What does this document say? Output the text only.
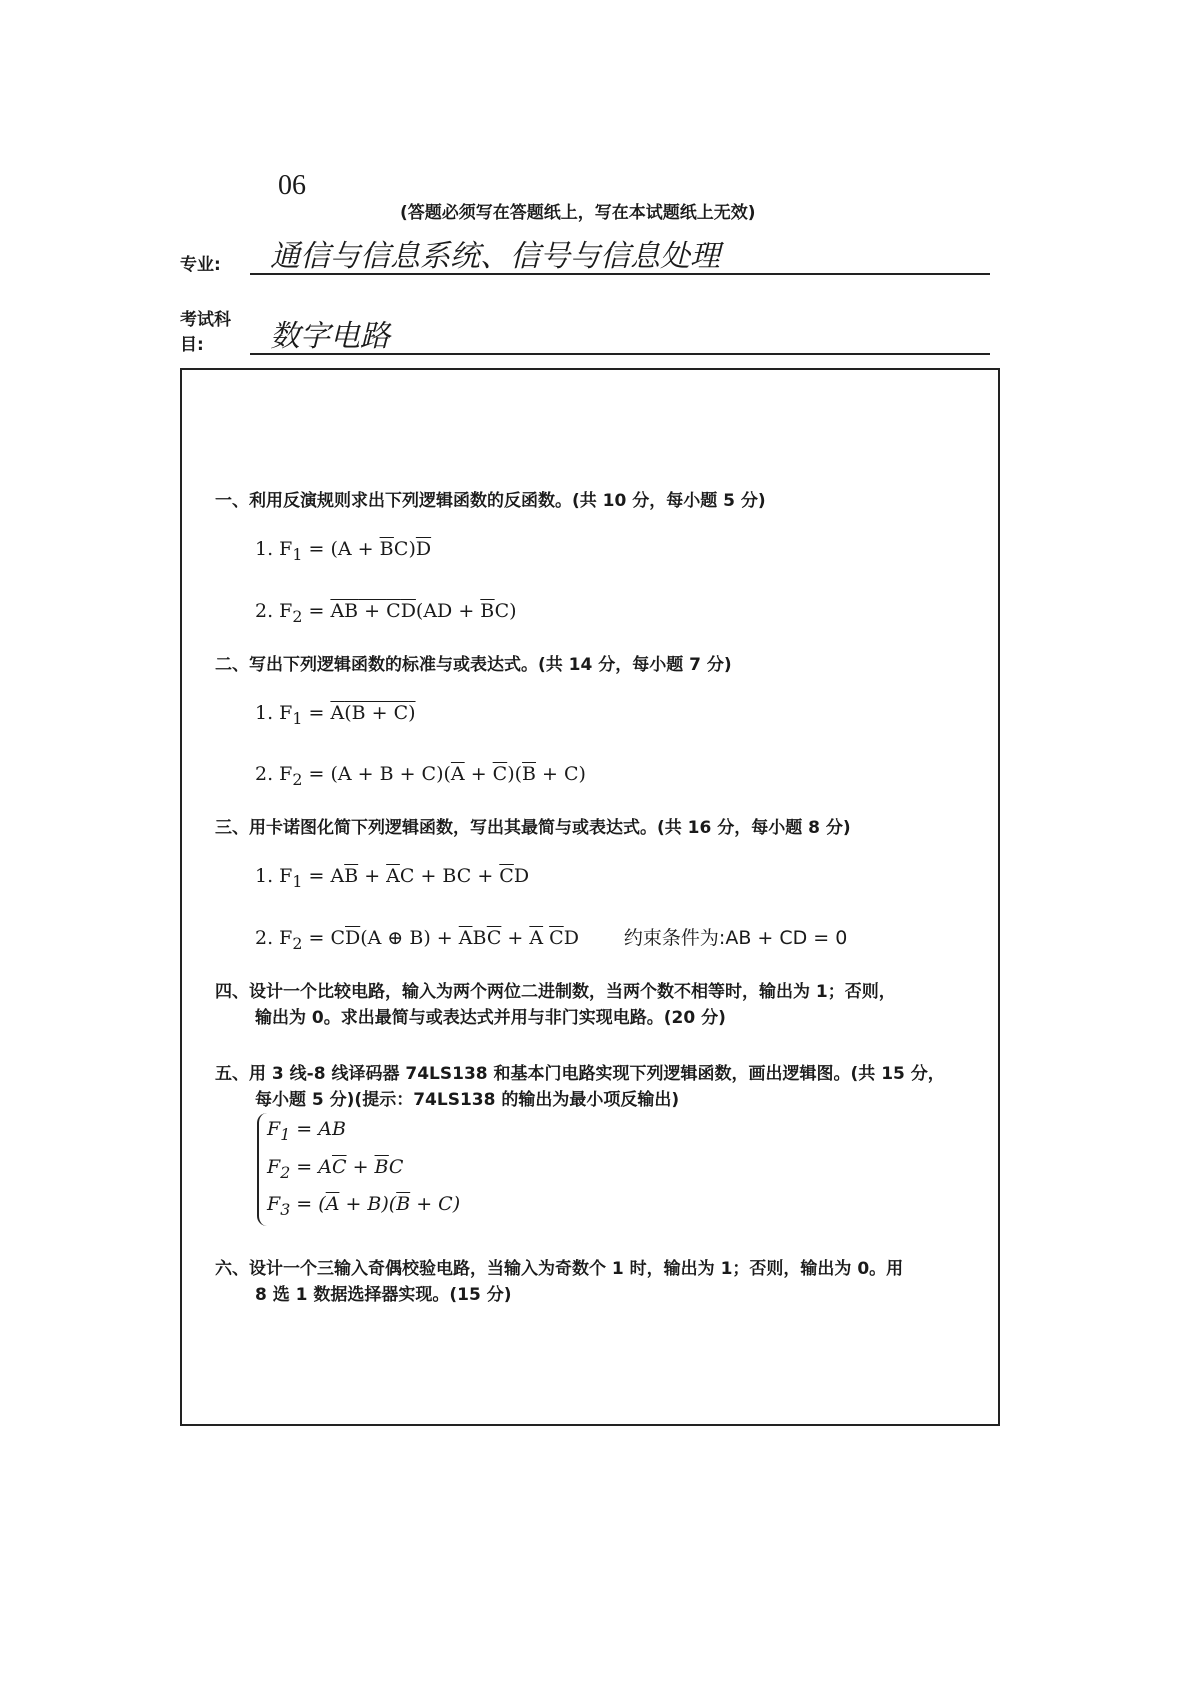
06
(答题必须写在答题纸上，写在本试题纸上无效)
专业:	通信与信息系统、信号与信息处理
考试科目:	数字电路
一、利用反演规则求出下列逻辑函数的反函数。(共 10 分，每小题 5 分)
1. $F_1 = (A + \overline{B}C)\overline{D}$
2. $F_2$ = AB + $CD(AD + \overline{B}C)$
二、写出下列逻辑函数的标准与或表达式。(共 14 分，每小题 7 分)
1. $F_1 = A(B + C)$
2. $F_2 = (A + B + C)(\overline{A} + \overline{C})(\overline{B} + C)$
三、用卡诺图化简下列逻辑函数，写出其最简与或表达式。(共 16 分，每小题 8 分)
1. $F_1 = A\overline{B} + \overline{A}C$ + BC + $\overline{C}D$
2. $F_2 = C\overline{D}(A$ ⊕ $B) + \overline{A}B\overline{C} + \overline{A}$ $\overline{C}D$ 约束条件为:AB + CD = 0
四、设计一个比较电路，输入为两个两位二进制数，当两个数不相等时，输出为 1；否则，
输出为 0。求出最简与或表达式并用与非门实现电路。(20 分)
五、用 3 线-8 线译码器 74LS138 和基本门电路实现下列逻辑函数，画出逻辑图。(共 15 分，
每小题 5 分)(提示：74LS138 的输出为最小项反输出)
$F_1$ = AB
$F_2 = A\overline{C} + \overline{B}C$
$F_3 = (\overline{A} + B)(\overline{B} + C)$
六、设计一个三输入奇偶校验电路，当输入为奇数个 1 时，输出为 1；否则，输出为 0。用
8 选 1 数据选择器实现。(15 分)
